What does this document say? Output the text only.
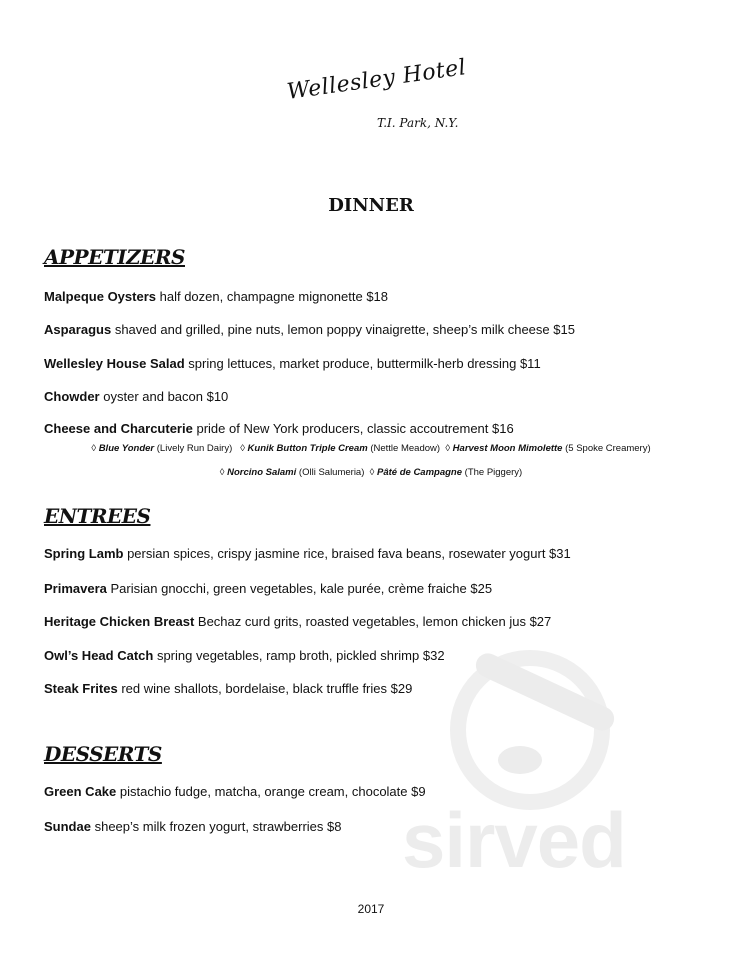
sirved
Wellesley Hotel
T.I. Park, N.Y.
DINNER
APPETIZERS
Malpeque Oysters half dozen, champagne mignonette $18
Asparagus shaved and grilled, pine nuts, lemon poppy vinaigrette, sheep’s milk cheese $15
Wellesley House Salad spring lettuces, market produce, buttermilk-herb dressing $11
Chowder oyster and bacon $10
Cheese and Charcuterie pride of New York producers, classic accoutrement $16
◊ Blue Yonder (Lively Run Dairy) ◊ Kunik Button Triple Cream (Nettle Meadow) ◊ Harvest Moon Mimolette (5 Spoke Creamery)
◊ Norcino Salami (Olli Salumeria) ◊ Pâté de Campagne (The Piggery)
ENTREES
Spring Lamb persian spices, crispy jasmine rice, braised fava beans, rosewater yogurt $31
Primavera Parisian gnocchi, green vegetables, kale purée, crème fraiche $25
Heritage Chicken Breast Bechaz curd grits, roasted vegetables, lemon chicken jus $27
Owl’s Head Catch spring vegetables, ramp broth, pickled shrimp $32
Steak Frites red wine shallots, bordelaise, black truffle fries $29
DESSERTS
Green Cake pistachio fudge, matcha, orange cream, chocolate $9
Sundae sheep’s milk frozen yogurt, strawberries $8
2017
